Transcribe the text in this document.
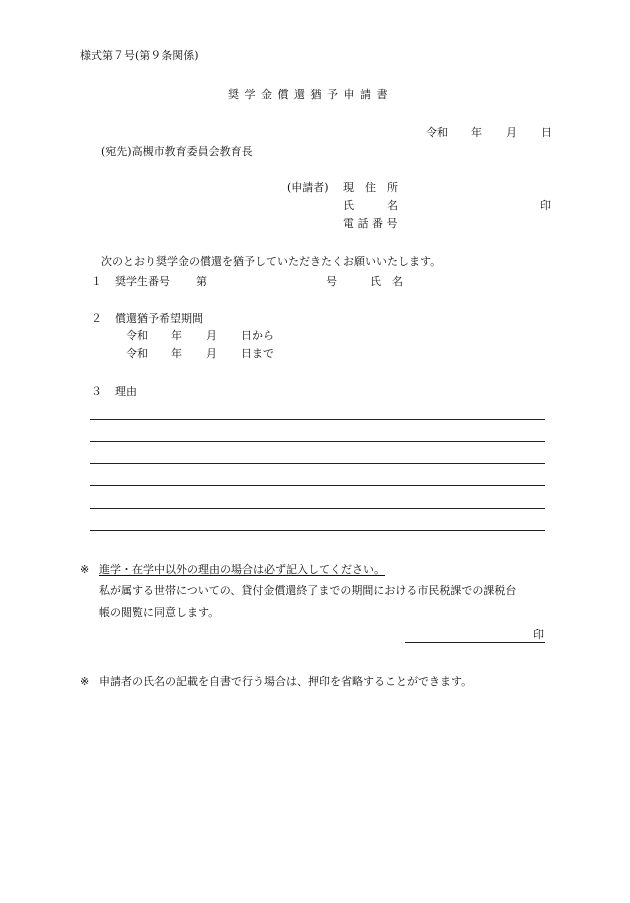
様式第７号(第９条関係)
奨 学 金 償 還 猶 予 申 請 書
令和 年 月 日
(宛先)高槻市教育委員会教育長
(申請者) 現　住　所
氏　　　名	印
電 話 番 号
次のとおり奨学金の償還を猶予していただきたくお願いいたします。
１ 奨学生番号 第	号	氏　名
２ 償還猶予希望期間
令和 年 月 日から
令和 年 月 日まで
３ 理由
※ 進学・在学中以外の理由の場合は必ず記入してください。
私が属する世帯についての、貸付金償還終了までの期間における市民税課での課税台
帳の閲覧に同意します。
印
※ 申請者の氏名の記載を自書で行う場合は、押印を省略することができます。
